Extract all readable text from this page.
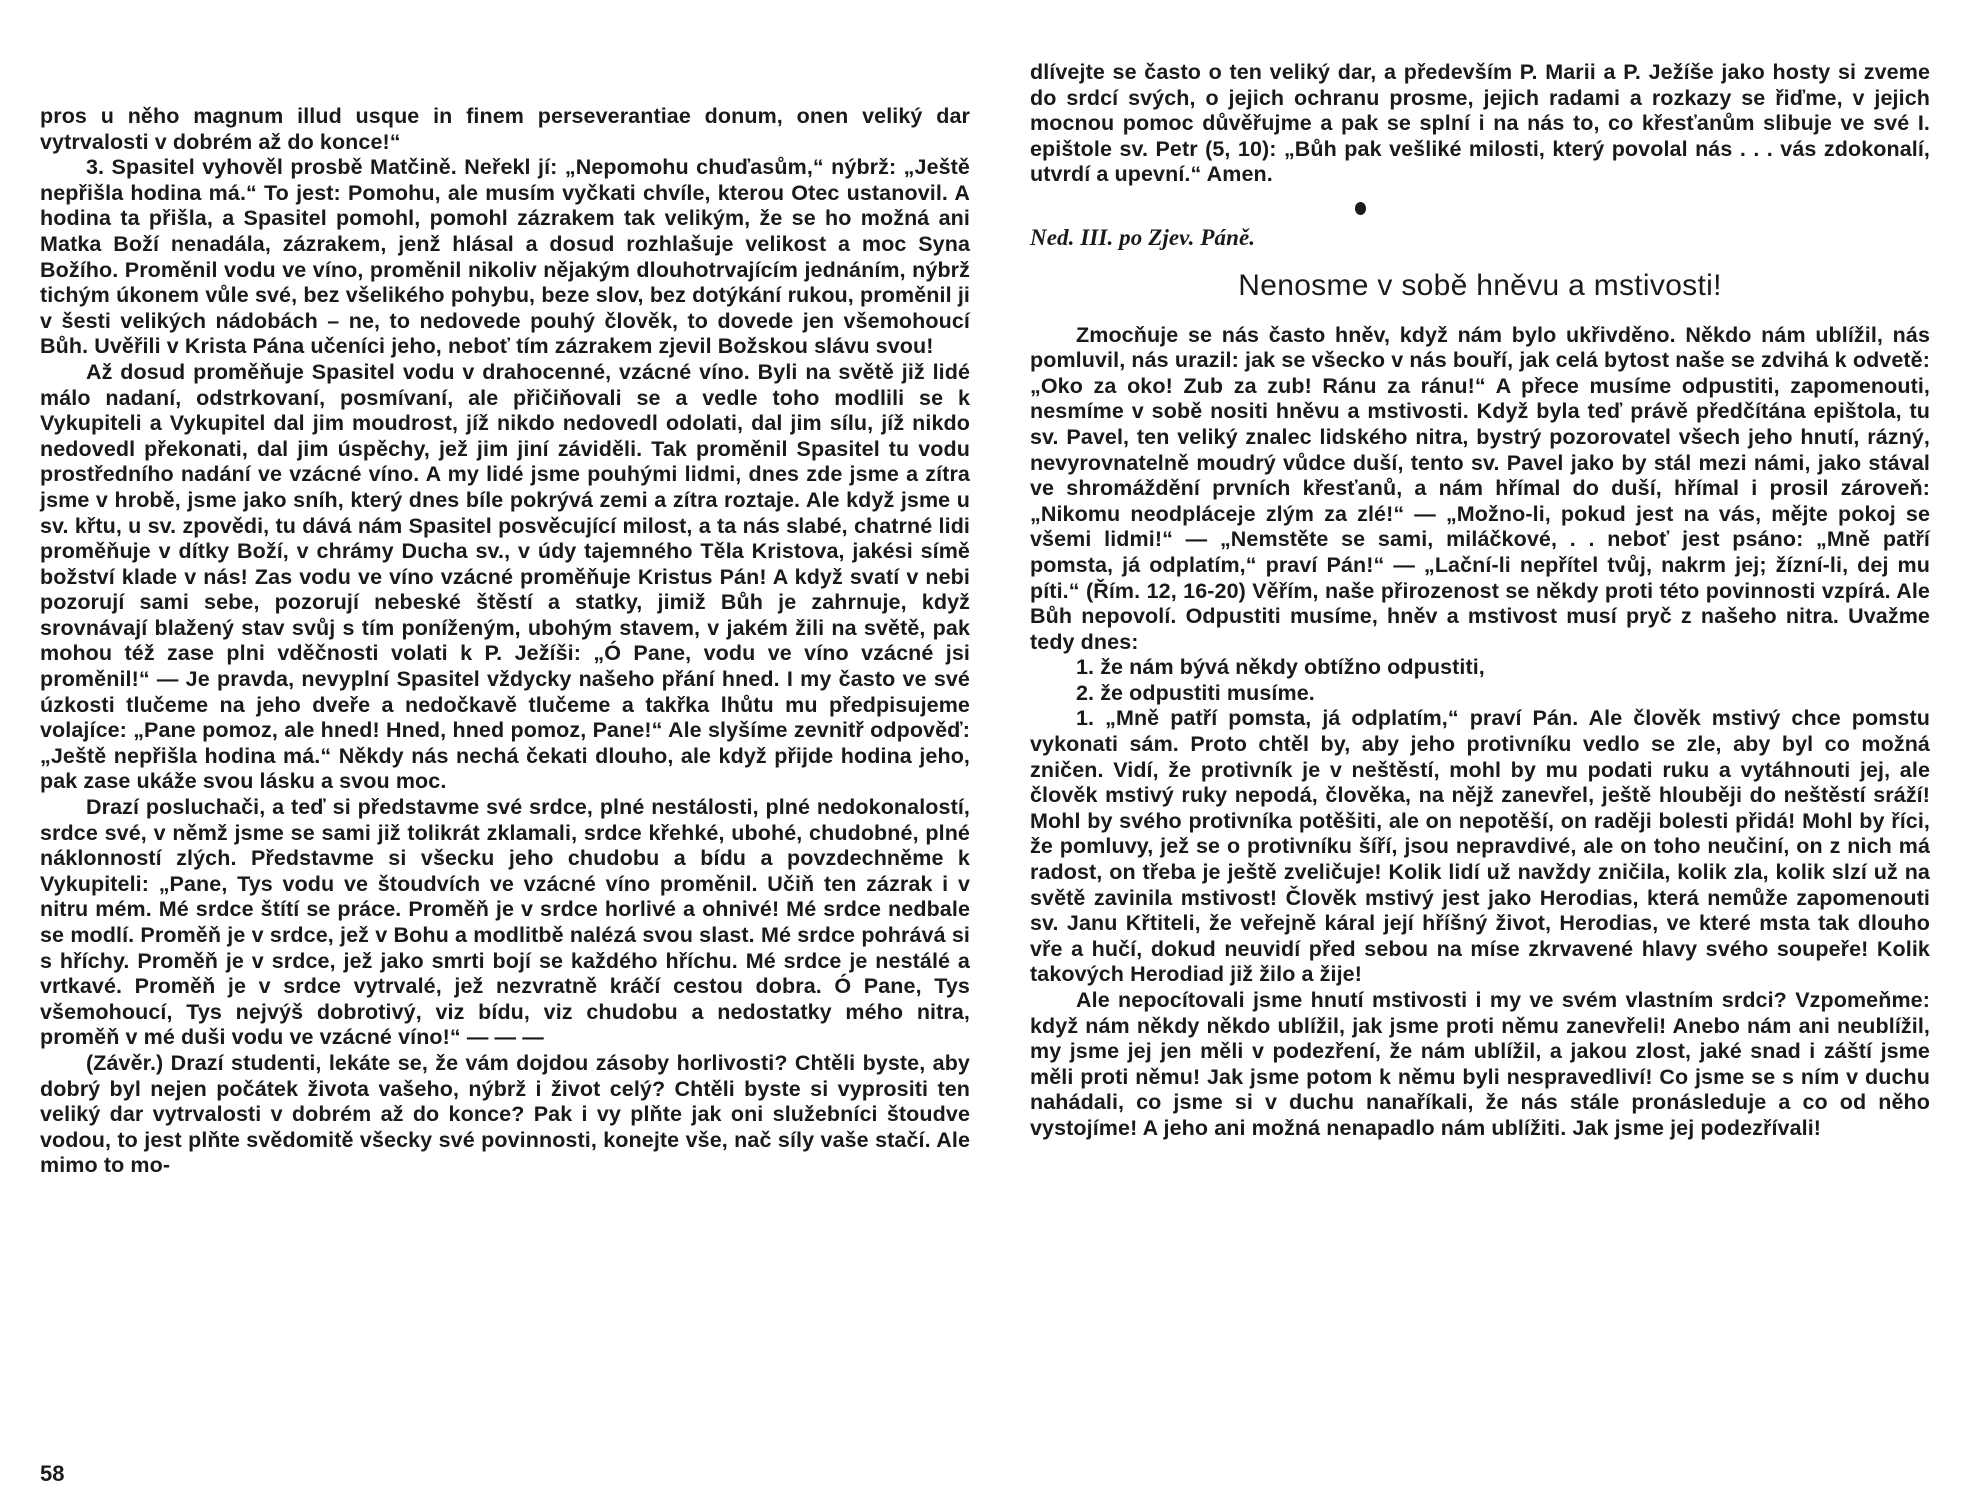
pros u něho magnum illud usque in finem perseverantiae donum, onen veliký dar vytrvalosti v dobrém až do konce!“

3. Spasitel vyhověl prosbě Matčině. Neřekl jí: „Nepomohu chuďasům,“ nýbrž: „Ještě nepřišla hodina má.“ To jest: Pomohu, ale musím vyčkati chvíle, kterou Otec ustanovil. A hodina ta přišla, a Spasitel pomohl, pomohl zázrakem tak velikým, že se ho možná ani Matka Boží nenadála, zázrakem, jenž hlásal a dosud rozhlašuje velikost a moc Syna Božího. Proměnil vodu ve víno, proměnil nikoliv nějakým dlouhotrvajícím jednáním, nýbrž tichým úkonem vůle své, bez všelikého pohybu, beze slov, bez dotýkání rukou, proměnil ji v šesti velikých nádobách – ne, to nedovede pouhý člověk, to dovede jen všemohoucí Bůh. Uvěřili v Krista Pána učeníci jeho, neboť tím zázrakem zjevil Božskou slávu svou!

Až dosud proměňuje Spasitel vodu v drahocenné, vzácné víno. Byli na světě již lidé málo nadaní, odstrkovaní, posmívaní, ale přičiňovali se a vedle toho modlili se k Vykupiteli a Vykupitel dal jim moudrost, jíž nikdo nedovedl odolati, dal jim sílu, jíž nikdo nedovedl překonati, dal jim úspěchy, jež jim jiní záviděli. Tak proměnil Spasitel tu vodu prostředního nadání ve vzácné víno. A my lidé jsme pouhými lidmi, dnes zde jsme a zítra jsme v hrobě, jsme jako sníh, který dnes bíle pokrývá zemi a zítra roztaje. Ale když jsme u sv. křtu, u sv. zpovědi, tu dává nám Spasitel posvěcující milost, a ta nás slabé, chatrné lidi proměňuje v dítky Boží, v chrámy Ducha sv., v údy tajemného Těla Kristova, jakési símě božství klade v nás! Zas vodu ve víno vzácné proměňuje Kristus Pán! A když svatí v nebi pozorují sami sebe, pozorují nebeské štěstí a statky, jimiž Bůh je zahrnuje, když srovnávají blažený stav svůj s tím poníženým, ubohým stavem, v jakém žili na světě, pak mohou též zase plni vděčnosti volati k P. Ježíši: „Ó Pane, vodu ve víno vzácné jsi proměnil!“ — Je pravda, nevyplní Spasitel vždycky našeho přání hned. I my často ve své úzkosti tlučeme na jeho dveře a nedočkavě tlučeme a takřka lhůtu mu předpisujeme volajíce: „Pane pomoz, ale hned! Hned, hned pomoz, Pane!“ Ale slyšíme zevnitř odpověď: „Ještě nepřišla hodina má.“ Někdy nás nechá čekati dlouho, ale když přijde hodina jeho, pak zase ukáže svou lásku a svou moc.

Drazí posluchači, a teď si představme své srdce, plné nestálosti, plné nedokonalostí, srdce své, v němž jsme se sami již tolikrát zklamali, srdce křehké, ubohé, chudobné, plné náklonností zlých. Představme si všecku jeho chudobu a bídu a povzdechněme k Vykupiteli: „Pane, Tys vodu ve štoudvích ve vzácné víno proměnil. Učiň ten zázrak i v nitru mém. Mé srdce štítí se práce. Proměň je v srdce horlivé a ohnivé! Mé srdce nedbale se modlí. Proměň je v srdce, jež v Bohu a modlitbě nalézá svou slast. Mé srdce pohrává si s hříchy. Proměň je v srdce, jež jako smrti bojí se každého hříchu. Mé srdce je nestálé a vrtkavé. Proměň je v srdce vytrvalé, jež nezvratně kráčí cestou dobra. Ó Pane, Tys všemohoucí, Tys nejvýš dobrotivý, viz bídu, viz chudobu a nedostatky mého nitra, proměň v mé duši vodu ve vzácné víno!“ — — —

(Závěr.) Drazí studenti, lekáte se, že vám dojdou zásoby horlivosti? Chtěli byste, aby dobrý byl nejen počátek života vašeho, nýbrž i život celý? Chtěli byste si vyprositi ten veliký dar vytrvalosti v dobrém až do konce? Pak i vy plňte jak oni služebníci štoudve vodou, to jest plňte svědomitě všecky své povinnosti, konejte vše, nač síly vaše stačí. Ale mimo to mo-

58

dlívejte se často o ten veliký dar, a především P. Marii a P. Ježíše jako hosty si zveme do srdcí svých, o jejich ochranu prosme, jejich radami a rozkazy se řiďme, v jejich mocnou pomoc důvěřujme a pak se splní i na nás to, co křesťanům slibuje ve své I. epištole sv. Petr (5, 10): „Bůh pak vešliké milosti, který povolal nás . . . vás zdokonalí, utvrdí a upevní.“ Amen.

Ned. III. po Zjev. Páně.
Nenosme v sobě hněvu a mstivosti!

Zmocňuje se nás často hněv, když nám bylo ukřivděno. Někdo nám ublížil, nás pomluvil, nás urazil: jak se všecko v nás bouří, jak celá bytost naše se zdvihá k odvetě: „Oko za oko! Zub za zub! Ránu za ránu!“ A přece musíme odpustiti, zapomenouti, nesmíme v sobě nositi hněvu a mstivosti. Když byla teď právě předčítána epištola, tu sv. Pavel, ten veliký znalec lidského nitra, bystrý pozorovatel všech jeho hnutí, rázný, nevyrovnatelně moudrý vůdce duší, tento sv. Pavel jako by stál mezi námi, jako stával ve shromáždění prvních křesťanů, a nám hřímal do duší, hřímal i prosil zároveň: „Nikomu neodpláceje zlým za zlé!“ — „Možno-li, pokud jest na vás, mějte pokoj se všemi lidmi!“ — „Nemstěte se sami, miláčkové, . . neboť jest psáno: „Mně patří pomsta, já odplatím,“ praví Pán!“ — „Lační-li nepřítel tvůj, nakrm jej; žízní-li, dej mu píti.“ (Řím. 12, 16-20) Věřím, naše přirozenost se někdy proti této povinnosti vzpírá. Ale Bůh nepovolí. Odpustiti musíme, hněv a mstivost musí pryč z našeho nitra. Uvažme tedy dnes:

1. že nám bývá někdy obtížno odpustiti,

2. že odpustiti musíme.

1. „Mně patří pomsta, já odplatím,“ praví Pán. Ale člověk mstivý chce pomstu vykonati sám. Proto chtěl by, aby jeho protivníku vedlo se zle, aby byl co možná zničen. Vidí, že protivník je v neštěstí, mohl by mu podati ruku a vytáhnouti jej, ale člověk mstivý ruky nepodá, člověka, na nějž zanevřel, ještě hlouběji do neštěstí sráží! Mohl by svého protivníka potěšiti, ale on nepotěší, on raději bolesti přidá! Mohl by říci, že pomluvy, jež se o protivníku šíří, jsou nepravdivé, ale on toho neučiní, on z nich má radost, on třeba je ještě zveličuje! Kolik lidí už navždy zničila, kolik zla, kolik slzí už na světě zavinila mstivost! Člověk mstivý jest jako Herodias, která nemůže zapomenouti sv. Janu Křtiteli, že veřejně káral její hříšný život, Herodias, ve které msta tak dlouho vře a hučí, dokud neuvidí před sebou na míse zkrvavené hlavy svého soupeře! Kolik takových Herodiad již žilo a žije!

Ale nepocítovali jsme hnutí mstivosti i my ve svém vlastním srdci? Vzpomeňme: když nám někdy někdo ublížil, jak jsme proti němu zanevřeli! Anebo nám ani neublížil, my jsme jej jen měli v podezření, že nám ublížil, a jakou zlost, jaké snad i záští jsme měli proti němu! Jak jsme potom k němu byli nespravedliví! Co jsme se s ním v duchu nahádali, co jsme si v duchu nanaříkali, že nás stále pronásleduje a co od něho vystojíme! A jeho ani možná nenapadlo nám ublížiti. Jak jsme jej podezřívali!
